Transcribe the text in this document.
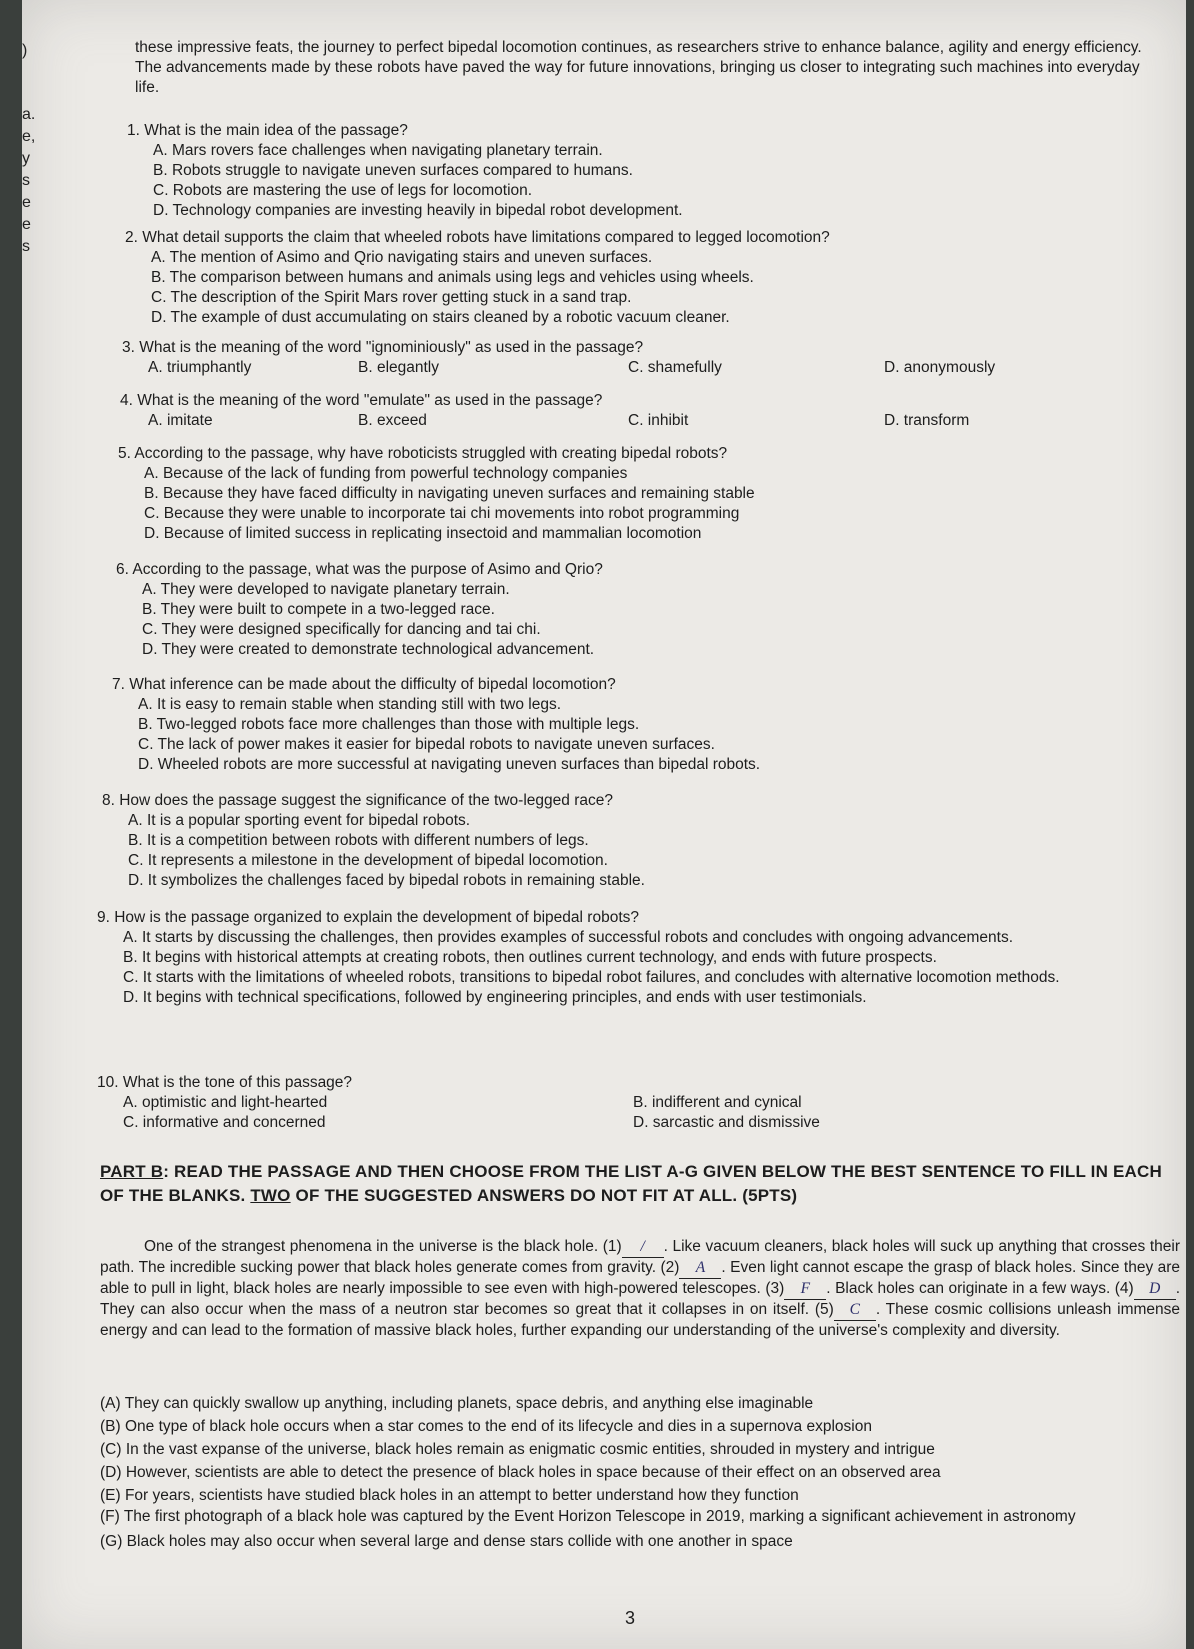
)
a.
e,
y
s
e
e
s
these impressive feats, the journey to perfect bipedal locomotion continues, as researchers strive to enhance balance, agility and energy efficiency. The advancements made by these robots have paved the way for future innovations, bringing us closer to integrating such machines into everyday life.
1. What is the main idea of the passage?
A. Mars rovers face challenges when navigating planetary terrain.
B. Robots struggle to navigate uneven surfaces compared to humans.
C. Robots are mastering the use of legs for locomotion.
D. Technology companies are investing heavily in bipedal robot development.
2. What detail supports the claim that wheeled robots have limitations compared to legged locomotion?
A. The mention of Asimo and Qrio navigating stairs and uneven surfaces.
B. The comparison between humans and animals using legs and vehicles using wheels.
C. The description of the Spirit Mars rover getting stuck in a sand trap.
D. The example of dust accumulating on stairs cleaned by a robotic vacuum cleaner.
3. What is the meaning of the word "ignominiously" as used in the passage?
A. triumphantly	B. elegantly	C. shamefully	D. anonymously
4. What is the meaning of the word "emulate" as used in the passage?
A. imitate	B. exceed	C. inhibit	D. transform
5. According to the passage, why have roboticists struggled with creating bipedal robots?
A. Because of the lack of funding from powerful technology companies
B. Because they have faced difficulty in navigating uneven surfaces and remaining stable
C. Because they were unable to incorporate tai chi movements into robot programming
D. Because of limited success in replicating insectoid and mammalian locomotion
6. According to the passage, what was the purpose of Asimo and Qrio?
A. They were developed to navigate planetary terrain.
B. They were built to compete in a two-legged race.
C. They were designed specifically for dancing and tai chi.
D. They were created to demonstrate technological advancement.
7. What inference can be made about the difficulty of bipedal locomotion?
A. It is easy to remain stable when standing still with two legs.
B. Two-legged robots face more challenges than those with multiple legs.
C. The lack of power makes it easier for bipedal robots to navigate uneven surfaces.
D. Wheeled robots are more successful at navigating uneven surfaces than bipedal robots.
8. How does the passage suggest the significance of the two-legged race?
A. It is a popular sporting event for bipedal robots.
B. It is a competition between robots with different numbers of legs.
C. It represents a milestone in the development of bipedal locomotion.
D. It symbolizes the challenges faced by bipedal robots in remaining stable.
9. How is the passage organized to explain the development of bipedal robots?
A. It starts by discussing the challenges, then provides examples of successful robots and concludes with ongoing advancements.
B. It begins with historical attempts at creating robots, then outlines current technology, and ends with future prospects.
C. It starts with the limitations of wheeled robots, transitions to bipedal robot failures, and concludes with alternative locomotion methods.
D. It begins with technical specifications, followed by engineering principles, and ends with user testimonials.
10. What is the tone of this passage?
A. optimistic and light-hearted	B. indifferent and cynical
C. informative and concerned	D. sarcastic and dismissive
PART B: READ THE PASSAGE AND THEN CHOOSE FROM THE LIST A-G GIVEN BELOW THE BEST SENTENCE TO FILL IN EACH OF THE BLANKS. TWO OF THE SUGGESTED ANSWERS DO NOT FIT AT ALL. (5PTS)
One of the strangest phenomena in the universe is the black hole. (1) / . Like vacuum cleaners, black holes will suck up anything that crosses their path. The incredible sucking power that black holes generate comes from gravity. (2) A . Even light cannot escape the grasp of black holes. Since they are able to pull in light, black holes are nearly impossible to see even with high-powered telescopes. (3) F . Black holes can originate in a few ways. (4) D . They can also occur when the mass of a neutron star becomes so great that it collapses in on itself. (5) C . These cosmic collisions unleash immense energy and can lead to the formation of massive black holes, further expanding our understanding of the universe's complexity and diversity.
(A) They can quickly swallow up anything, including planets, space debris, and anything else imaginable
(B) One type of black hole occurs when a star comes to the end of its lifecycle and dies in a supernova explosion
(C) In the vast expanse of the universe, black holes remain as enigmatic cosmic entities, shrouded in mystery and intrigue
(D) However, scientists are able to detect the presence of black holes in space because of their effect on an observed area
(E) For years, scientists have studied black holes in an attempt to better understand how they function
(F) The first photograph of a black hole was captured by the Event Horizon Telescope in 2019, marking a significant achievement in astronomy
(G) Black holes may also occur when several large and dense stars collide with one another in space
3
